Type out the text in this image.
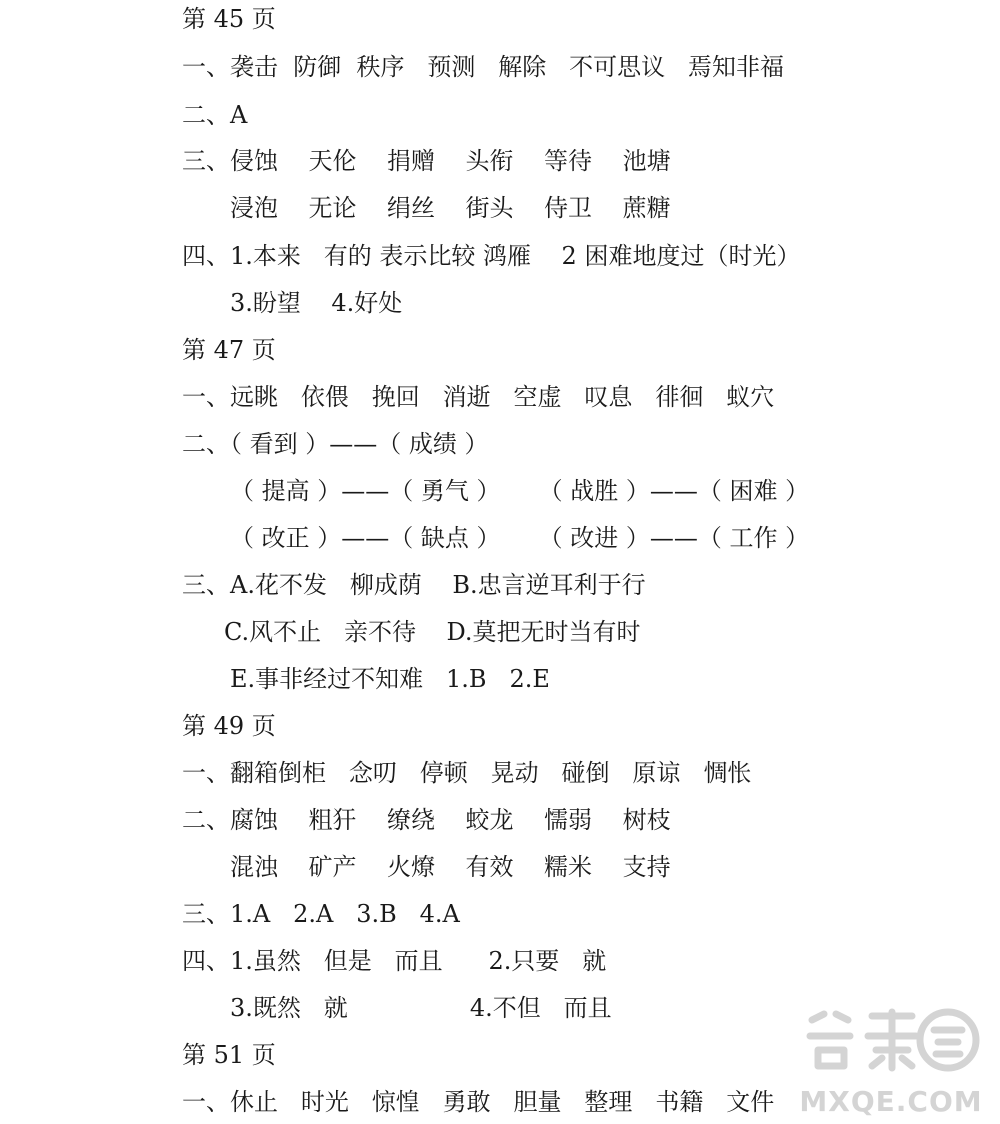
第 45 页
一、袭击  防御  秩序   预测   解除   不可思议   焉知非福
二、A
三、侵蚀    天伦    捐赠    头衔    等待    池塘
浸泡    无论    绢丝    街头    侍卫    蔗糖
四、1.本来   有的 表示比较 鸿雁    2 困难地度过（时光）
3.盼望    4.好处
第 47 页
一、远眺   依偎   挽回   消逝   空虚   叹息   徘徊   蚁穴
二、（ 看到 ）——（ 成绩 ）
（ 提高 ）——（ 勇气 ）     （ 战胜 ）——（ 困难 ）
（ 改正 ）——（ 缺点 ）     （ 改进 ）——（ 工作 ）
三、A.花不发   柳成荫    B.忠言逆耳利于行
C.风不止   亲不待    D.莫把无时当有时
E.事非经过不知难   1.B   2.E
第 49 页
一、翻箱倒柜   念叨   停顿   晃动   碰倒   原谅   惆怅
二、腐蚀    粗犴    缭绕    蛟龙    懦弱    树枝
混浊    矿产    火燎    有效    糯米    支持
三、1.A   2.A   3.B   4.A
四、1.虽然   但是   而且      2.只要   就
3.既然   就                4.不但   而且
第 51 页
一、休止   时光   惊惶   勇敢   胆量   整理   书籍   文件 MXQE.COM
